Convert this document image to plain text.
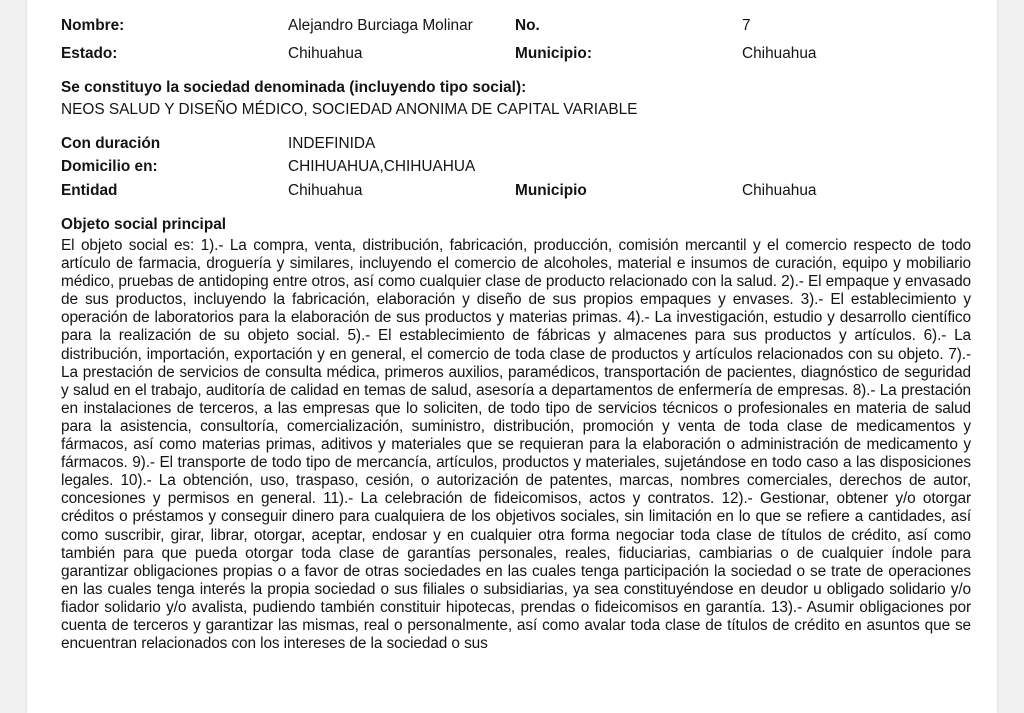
Nombre:	Alejandro Burciaga Molinar	No.	7
Estado:	Chihuahua	Municipio:	Chihuahua
Se constituyo la sociedad denominada (incluyendo tipo social):
NEOS SALUD Y DISEÑO MÉDICO, SOCIEDAD ANONIMA DE CAPITAL VARIABLE
Con duración	INDEFINIDA
Domicilio en:	CHIHUAHUA,CHIHUAHUA
Entidad	Chihuahua	Municipio	Chihuahua
Objeto social principal
El objeto social es: 1).- La compra, venta, distribución, fabricación, producción, comisión mercantil y el comercio respecto de todo artículo de farmacia, droguería y similares, incluyendo el comercio de alcoholes, material e insumos de curación, equipo y mobiliario médico, pruebas de antidoping entre otros, así como cualquier clase de producto relacionado con la salud. 2).- El empaque y envasado de sus productos, incluyendo la fabricación, elaboración y diseño de sus propios empaques y envases. 3).- El establecimiento y operación de laboratorios para la elaboración de sus productos y materias primas. 4).- La investigación, estudio y desarrollo científico para la realización de su objeto social. 5).- El establecimiento de fábricas y almacenes para sus productos y artículos. 6).- La distribución, importación, exportación y en general, el comercio de toda clase de productos y artículos relacionados con su objeto. 7).- La prestación de servicios de consulta médica, primeros auxilios, paramédicos, transportación de pacientes, diagnóstico de seguridad y salud en el trabajo, auditoría de calidad en temas de salud, asesoría a departamentos de enfermería de empresas. 8).- La prestación en instalaciones de terceros, a las empresas que lo soliciten, de todo tipo de servicios técnicos o profesionales en materia de salud para la asistencia, consultoría, comercialización, suministro, distribución, promoción y venta de toda clase de medicamentos y fármacos, así como materias primas, aditivos y materiales que se requieran para la elaboración o administración de medicamento y fármacos. 9).- El transporte de todo tipo de mercancía, artículos, productos y materiales, sujetándose en todo caso a las disposiciones legales. 10).- La obtención, uso, traspaso, cesión, o autorización de patentes, marcas, nombres comerciales, derechos de autor, concesiones y permisos en general. 11).- La celebración de fideicomisos, actos y contratos. 12).- Gestionar, obtener y/o otorgar créditos o préstamos y conseguir dinero para cualquiera de los objetivos sociales, sin limitación en lo que se refiere a cantidades, así como suscribir, girar, librar, otorgar, aceptar, endosar y en cualquier otra forma negociar toda clase de títulos de crédito, así como también para que pueda otorgar toda clase de garantías personales, reales, fiduciarias, cambiarias o de cualquier índole para garantizar obligaciones propias o a favor de otras sociedades en las cuales tenga participación la sociedad o se trate de operaciones en las cuales tenga interés la propia sociedad o sus filiales o subsidiarias, ya sea constituyéndose en deudor u obligado solidario y/o fiador solidario y/o avalista, pudiendo también constituir hipotecas, prendas o fideicomisos en garantía. 13).- Asumir obligaciones por cuenta de terceros y garantizar las mismas, real o personalmente, así como avalar toda clase de títulos de crédito en asuntos que se encuentran relacionados con los intereses de la sociedad o sus
